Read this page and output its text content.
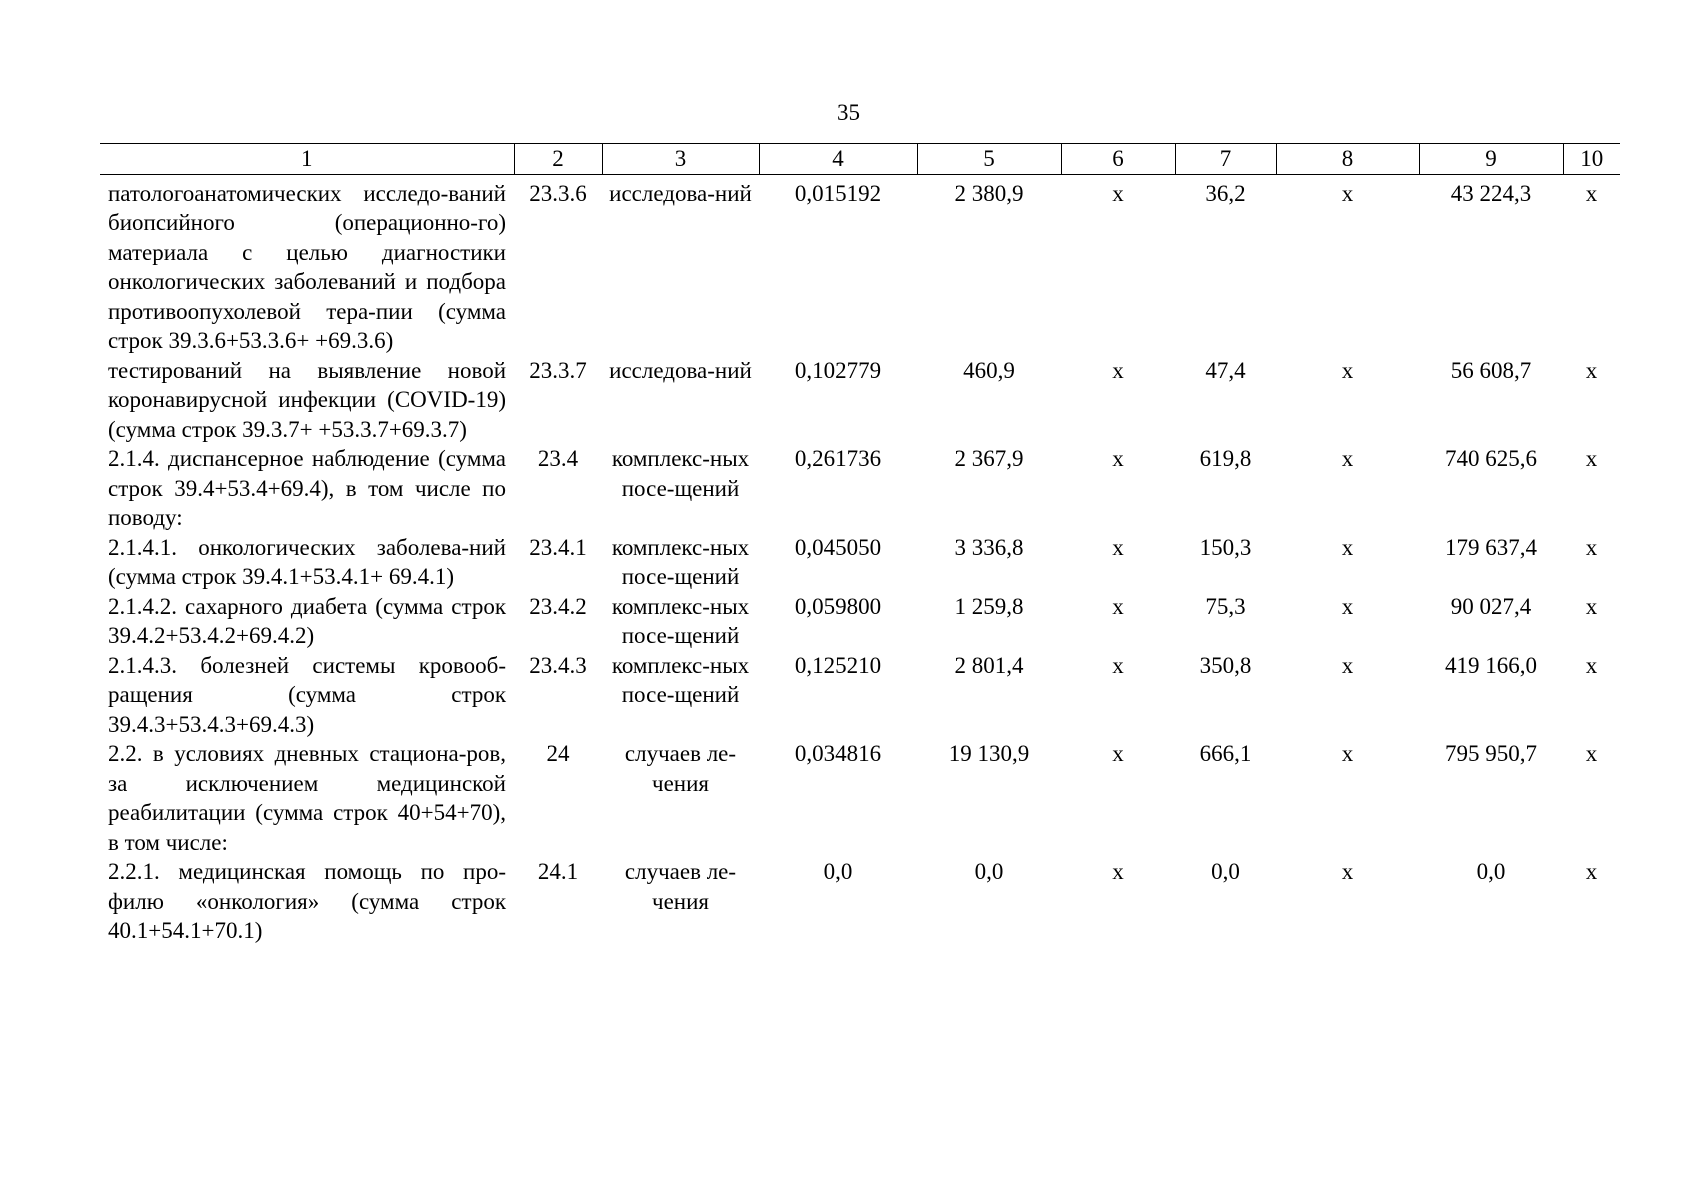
35
1	2	3	4	5	6	7	8	9	10
патологоанатомических исследо-ваний биопсийного (операционно-го) материала с целью диагностики онкологических заболеваний и подбора противоопухолевой тера-пии (сумма строк 39.3.6+53.3.6+ +69.3.6)	23.3.6	исследова-ний	0,015192	2 380,9	х	36,2	х	43 224,3	х
тестирований на выявление новой коронавирусной инфекции (COVID-19) (сумма строк 39.3.7+ +53.3.7+69.3.7)	23.3.7	исследова-ний	0,102779	460,9	х	47,4	х	56 608,7	х
2.1.4. диспансерное наблюдение (сумма строк 39.4+53.4+69.4), в том числе по поводу:	23.4	комплекс-ных посе-щений	0,261736	2 367,9	х	619,8	х	740 625,6	х
2.1.4.1. онкологических заболева-ний (сумма строк 39.4.1+53.4.1+ 69.4.1)	23.4.1	комплекс-ных посе-щений	0,045050	3 336,8	х	150,3	х	179 637,4	х
2.1.4.2. сахарного диабета (сумма строк 39.4.2+53.4.2+69.4.2)	23.4.2	комплекс-ных посе-щений	0,059800	1 259,8	х	75,3	х	90 027,4	х
2.1.4.3. болезней системы кровооб-ращения (сумма строк 39.4.3+53.4.3+69.4.3)	23.4.3	комплекс-ных посе-щений	0,125210	2 801,4	х	350,8	х	419 166,0	х
2.2. в условиях дневных стациона-ров, за исключением медицинской реабилитации (сумма строк 40+54+70), в том числе:	24	случаев ле-чения	0,034816	19 130,9	х	666,1	х	795 950,7	х
2.2.1. медицинская помощь по про-филю «онкология» (сумма строк 40.1+54.1+70.1)	24.1	случаев ле-чения	0,0	0,0	х	0,0	х	0,0	х
